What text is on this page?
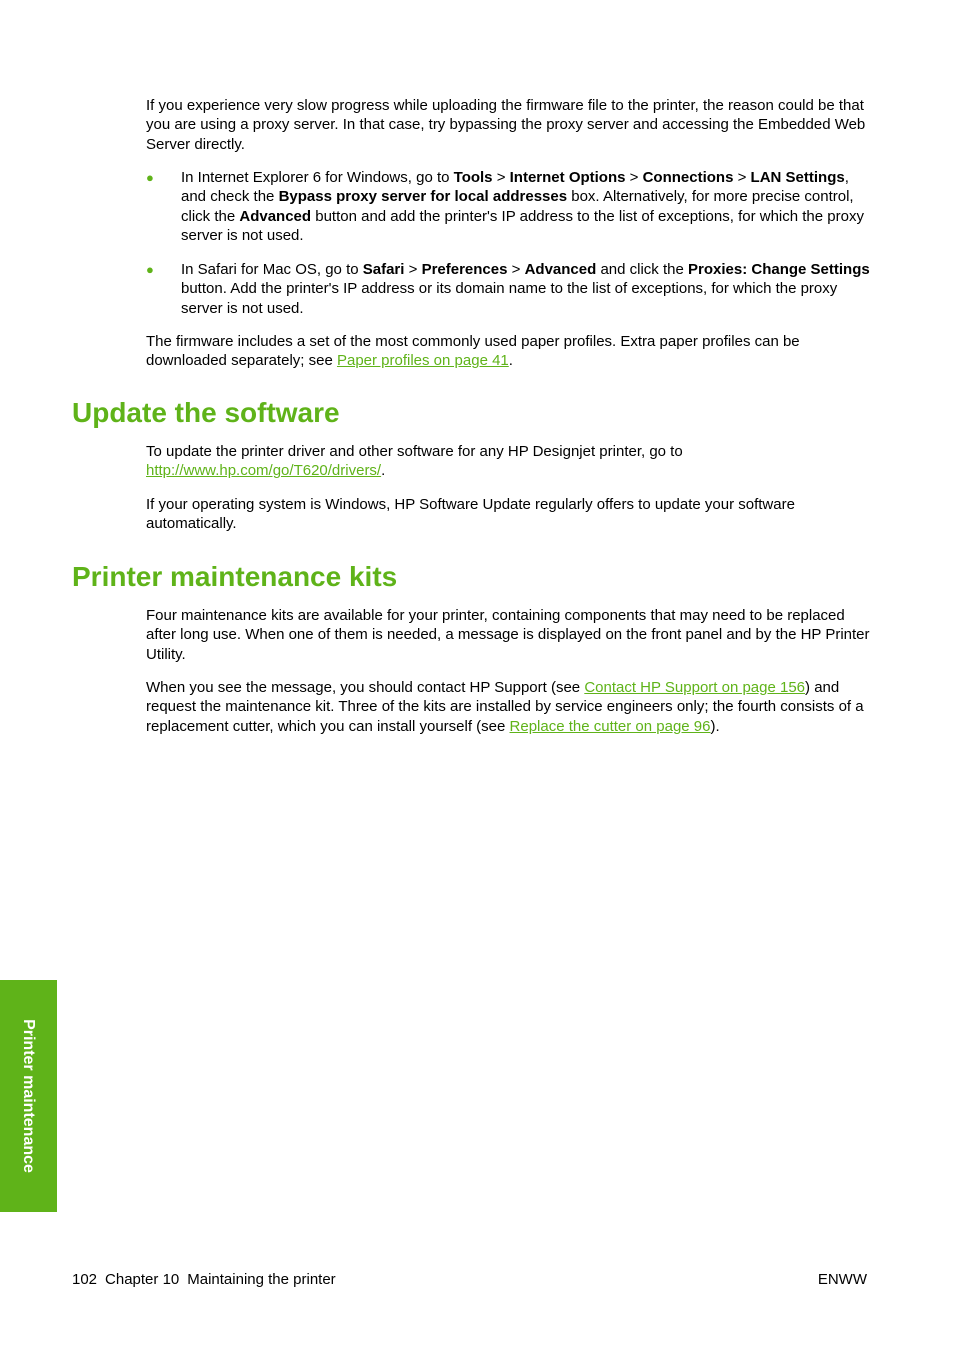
If you experience very slow progress while uploading the firmware file to the printer, the reason could be that you are using a proxy server. In that case, try bypassing the proxy server and accessing the Embedded Web Server directly.

● In Internet Explorer 6 for Windows, go to Tools > Internet Options > Connections > LAN Settings, and check the Bypass proxy server for local addresses box. Alternatively, for more precise control, click the Advanced button and add the printer's IP address to the list of exceptions, for which the proxy server is not used.
● In Safari for Mac OS, go to Safari > Preferences > Advanced and click the Proxies: Change Settings button. Add the printer's IP address or its domain name to the list of exceptions, for which the proxy server is not used.

The firmware includes a set of the most commonly used paper profiles. Extra paper profiles can be downloaded separately; see Paper profiles on page 41.

Update the software

To update the printer driver and other software for any HP Designjet printer, go to http://www.hp.com/go/T620/drivers/.

If your operating system is Windows, HP Software Update regularly offers to update your software automatically.

Printer maintenance kits

Four maintenance kits are available for your printer, containing components that may need to be replaced after long use. When one of them is needed, a message is displayed on the front panel and by the HP Printer Utility.

When you see the message, you should contact HP Support (see Contact HP Support on page 156) and request the maintenance kit. Three of the kits are installed by service engineers only; the fourth consists of a replacement cutter, which you can install yourself (see Replace the cutter on page 96).

Printer maintenance
102 Chapter 10 Maintaining the printer	ENWW
